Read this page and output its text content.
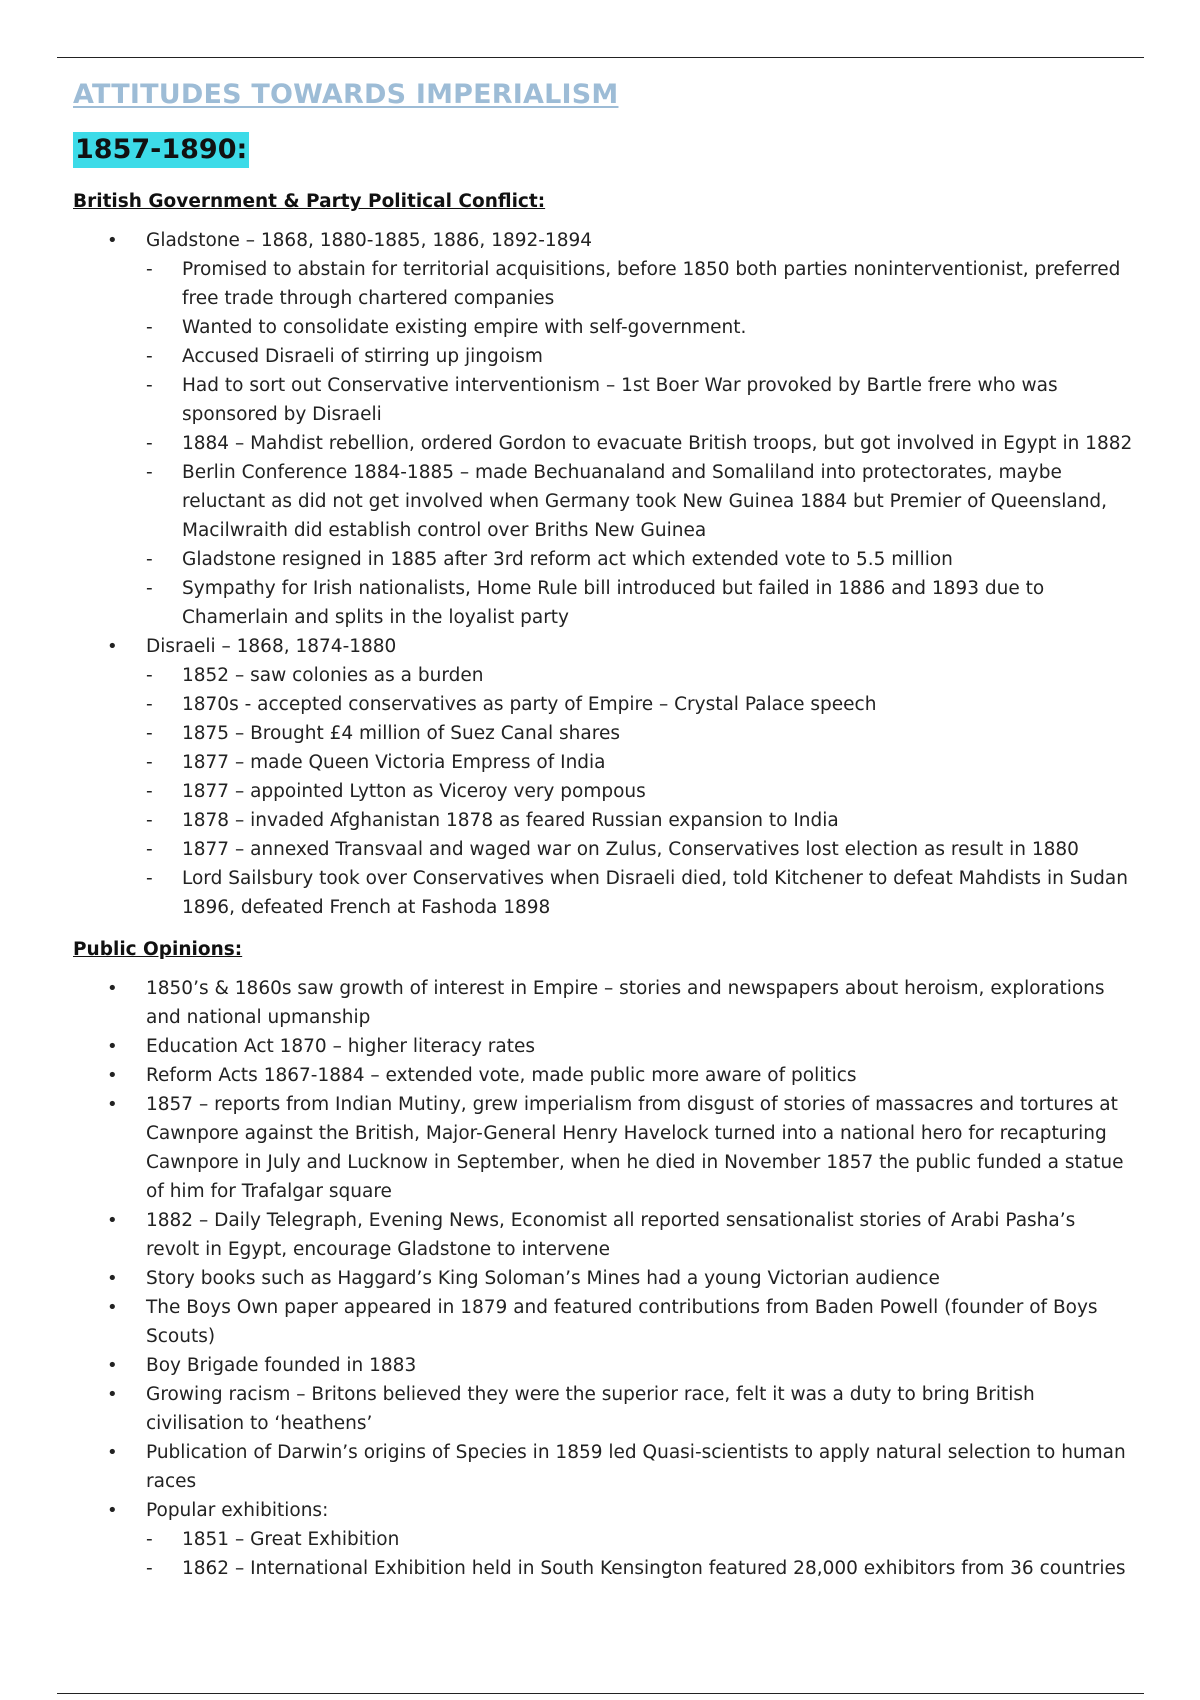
ATTITUDES TOWARDS IMPERIALISM
1857-1890:
British Government & Party Political Conflict:
• Gladstone – 1868, 1880-1885, 1886, 1892-1894
- Promised to abstain for territorial acquisitions, before 1850 both parties noninterventionist, preferred free trade through chartered companies
- Wanted to consolidate existing empire with self-government.
- Accused Disraeli of stirring up jingoism
- Had to sort out Conservative interventionism – 1st Boer War provoked by Bartle frere who was sponsored by Disraeli
- 1884 – Mahdist rebellion, ordered Gordon to evacuate British troops, but got involved in Egypt in 1882
- Berlin Conference 1884-1885 – made Bechuanaland and Somaliland into protectorates, maybe reluctant as did not get involved when Germany took New Guinea 1884 but Premier of Queensland, Macilwraith did establish control over Briths New Guinea
- Gladstone resigned in 1885 after 3rd reform act which extended vote to 5.5 million
- Sympathy for Irish nationalists, Home Rule bill introduced but failed in 1886 and 1893 due to Chamerlain and splits in the loyalist party
• Disraeli – 1868, 1874-1880
- 1852 – saw colonies as a burden
- 1870s - accepted conservatives as party of Empire – Crystal Palace speech
- 1875 – Brought £4 million of Suez Canal shares
- 1877 – made Queen Victoria Empress of India
- 1877 – appointed Lytton as Viceroy very pompous
- 1878 – invaded Afghanistan 1878 as feared Russian expansion to India
- 1877 – annexed Transvaal and waged war on Zulus, Conservatives lost election as result in 1880
- Lord Sailsbury took over Conservatives when Disraeli died, told Kitchener to defeat Mahdists in Sudan 1896, defeated French at Fashoda 1898
Public Opinions:
• 1850’s & 1860s saw growth of interest in Empire – stories and newspapers about heroism, explorations and national upmanship
• Education Act 1870 – higher literacy rates
• Reform Acts 1867-1884 – extended vote, made public more aware of politics
• 1857 – reports from Indian Mutiny, grew imperialism from disgust of stories of massacres and tortures at Cawnpore against the British, Major-General Henry Havelock turned into a national hero for recapturing Cawnpore in July and Lucknow in September, when he died in November 1857 the public funded a statue of him for Trafalgar square
• 1882 – Daily Telegraph, Evening News, Economist all reported sensationalist stories of Arabi Pasha’s revolt in Egypt, encourage Gladstone to intervene
• Story books such as Haggard’s King Soloman’s Mines had a young Victorian audience
• The Boys Own paper appeared in 1879 and featured contributions from Baden Powell (founder of Boys Scouts)
• Boy Brigade founded in 1883
• Growing racism – Britons believed they were the superior race, felt it was a duty to bring British civilisation to ‘heathens’
• Publication of Darwin’s origins of Species in 1859 led Quasi-scientists to apply natural selection to human races
• Popular exhibitions:
- 1851 – Great Exhibition
- 1862 – International Exhibition held in South Kensington featured 28,000 exhibitors from 36 countries
